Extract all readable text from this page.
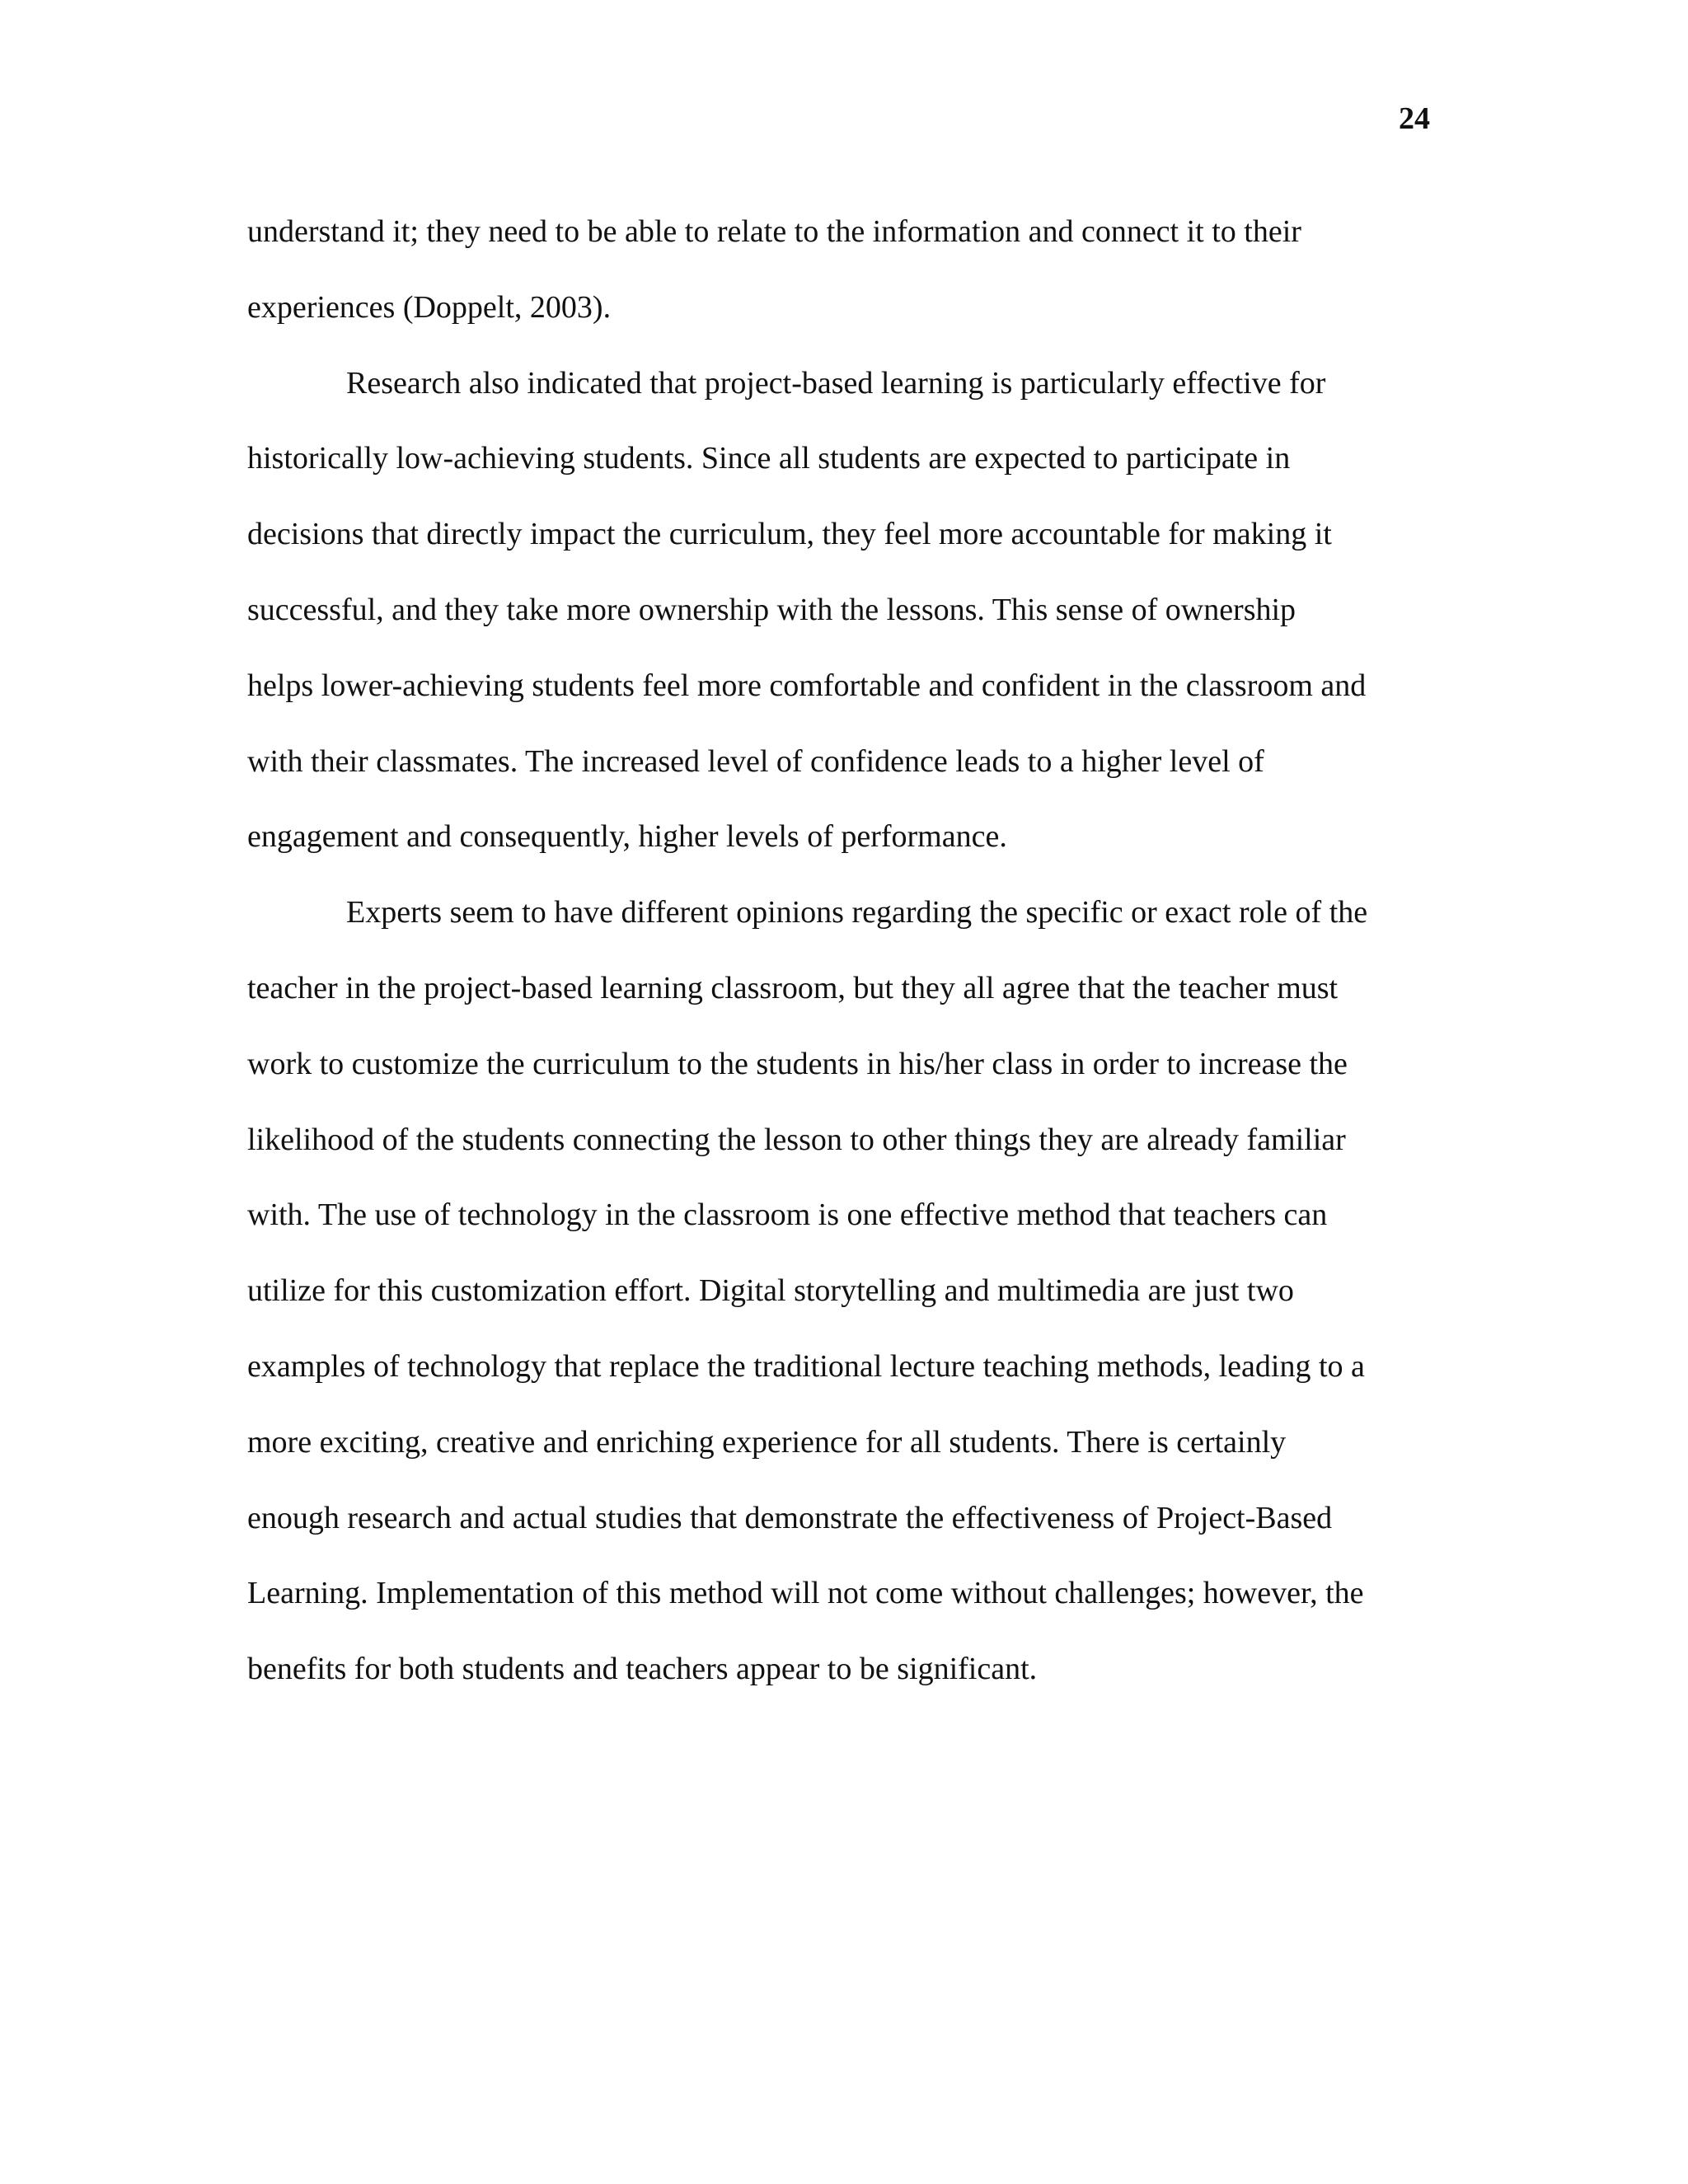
24

understand it; they need to be able to relate to the information and connect it to their
experiences (Doppelt, 2003).
Research also indicated that project-based learning is particularly effective for
historically low-achieving students. Since all students are expected to participate in
decisions that directly impact the curriculum, they feel more accountable for making it
successful, and they take more ownership with the lessons. This sense of ownership
helps lower-achieving students feel more comfortable and confident in the classroom and
with their classmates. The increased level of confidence leads to a higher level of
engagement and consequently, higher levels of performance.
Experts seem to have different opinions regarding the specific or exact role of the
teacher in the project-based learning classroom, but they all agree that the teacher must
work to customize the curriculum to the students in his/her class in order to increase the
likelihood of the students connecting the lesson to other things they are already familiar
with. The use of technology in the classroom is one effective method that teachers can
utilize for this customization effort. Digital storytelling and multimedia are just two
examples of technology that replace the traditional lecture teaching methods, leading to a
more exciting, creative and enriching experience for all students. There is certainly
enough research and actual studies that demonstrate the effectiveness of Project-Based
Learning. Implementation of this method will not come without challenges; however, the
benefits for both students and teachers appear to be significant.
